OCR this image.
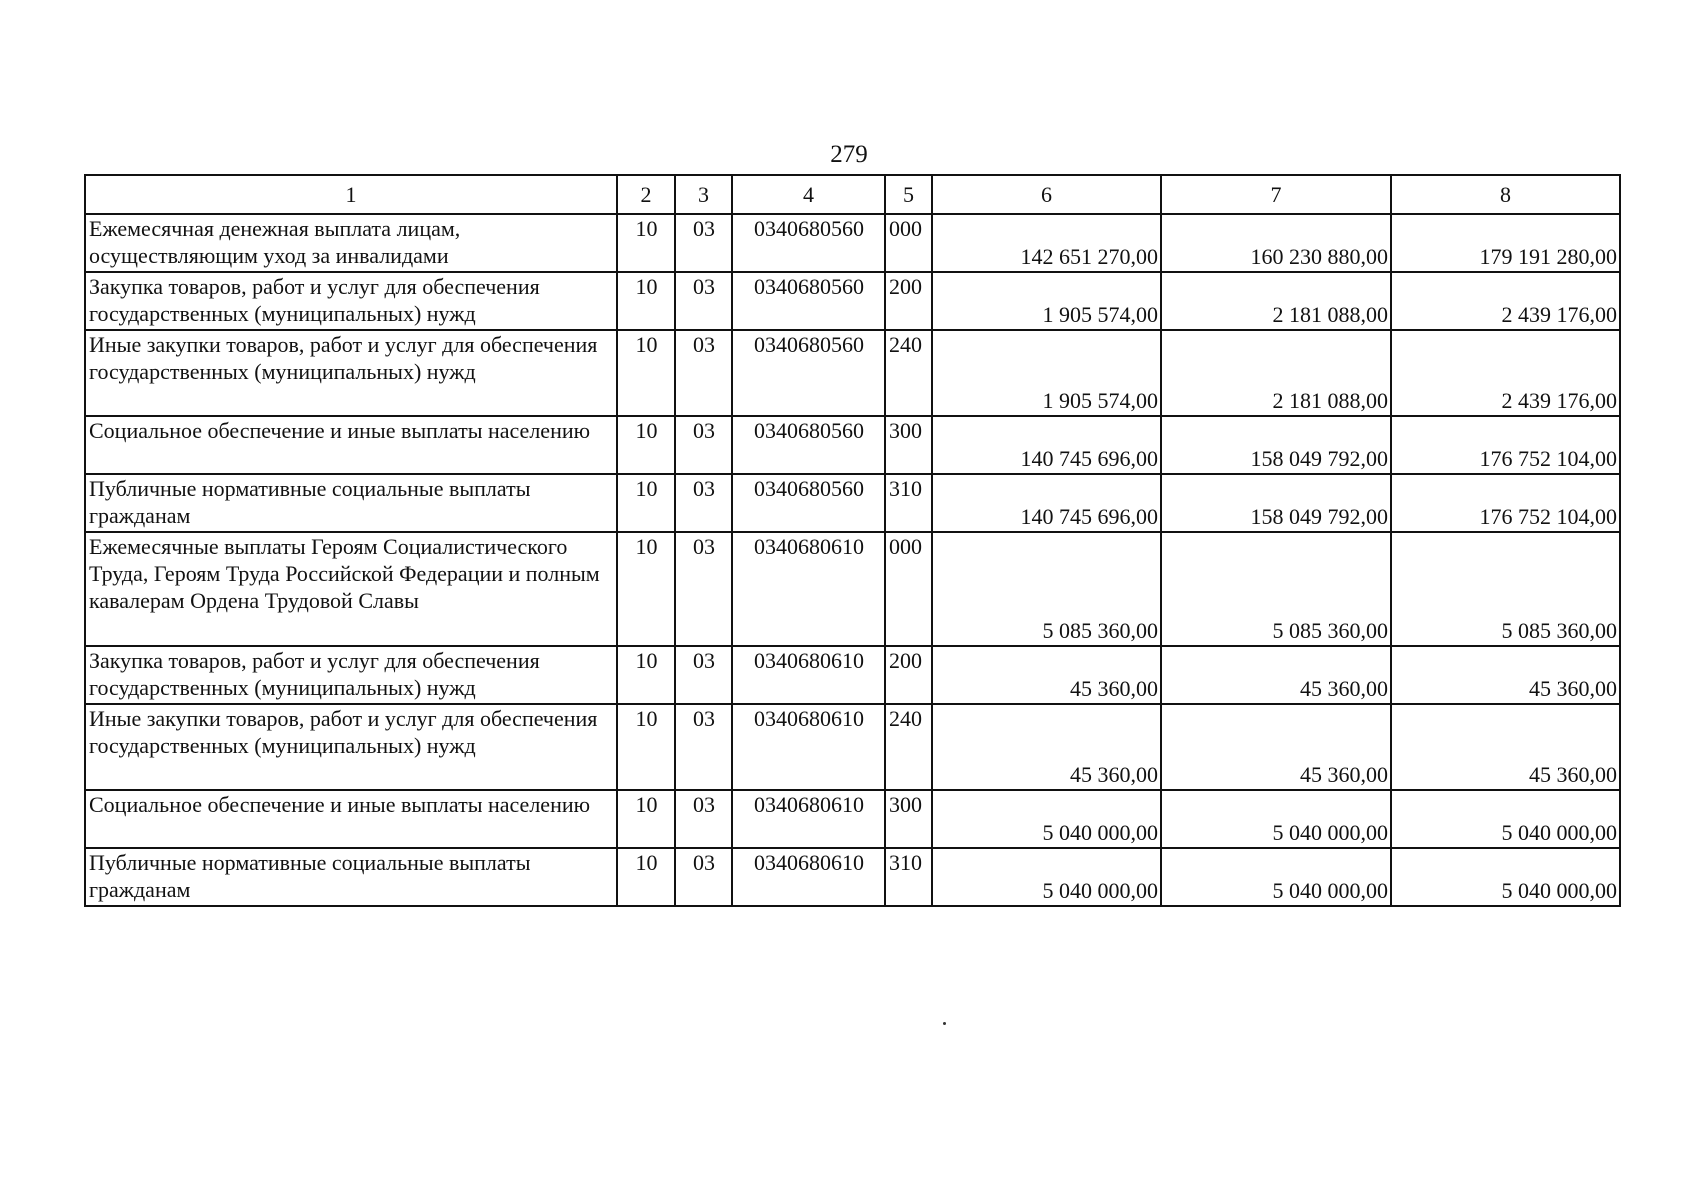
279
1	2	3	4	5	6	7	8
Ежемесячная денежная выплата лицам, осуществляющим уход за инвалидами	10	03	0340680560	000	142 651 270,00	160 230 880,00	179 191 280,00
Закупка товаров, работ и услуг для обеспечения государственных (муниципальных) нужд	10	03	0340680560	200	1 905 574,00	2 181 088,00	2 439 176,00
Иные закупки товаров, работ и услуг для обеспечения государственных (муниципальных) нужд	10	03	0340680560	240	1 905 574,00	2 181 088,00	2 439 176,00
Социальное обеспечение и иные выплаты населению	10	03	0340680560	300	140 745 696,00	158 049 792,00	176 752 104,00
Публичные нормативные социальные выплаты гражданам	10	03	0340680560	310	140 745 696,00	158 049 792,00	176 752 104,00
Ежемесячные выплаты Героям Социалистического Труда, Героям Труда Российской Федерации и полным кавалерам Ордена Трудовой Славы	10	03	0340680610	000	5 085 360,00	5 085 360,00	5 085 360,00
Закупка товаров, работ и услуг для обеспечения государственных (муниципальных) нужд	10	03	0340680610	200	45 360,00	45 360,00	45 360,00
Иные закупки товаров, работ и услуг для обеспечения государственных (муниципальных) нужд	10	03	0340680610	240	45 360,00	45 360,00	45 360,00
Социальное обеспечение и иные выплаты населению	10	03	0340680610	300	5 040 000,00	5 040 000,00	5 040 000,00
Публичные нормативные социальные выплаты гражданам	10	03	0340680610	310	5 040 000,00	5 040 000,00	5 040 000,00
